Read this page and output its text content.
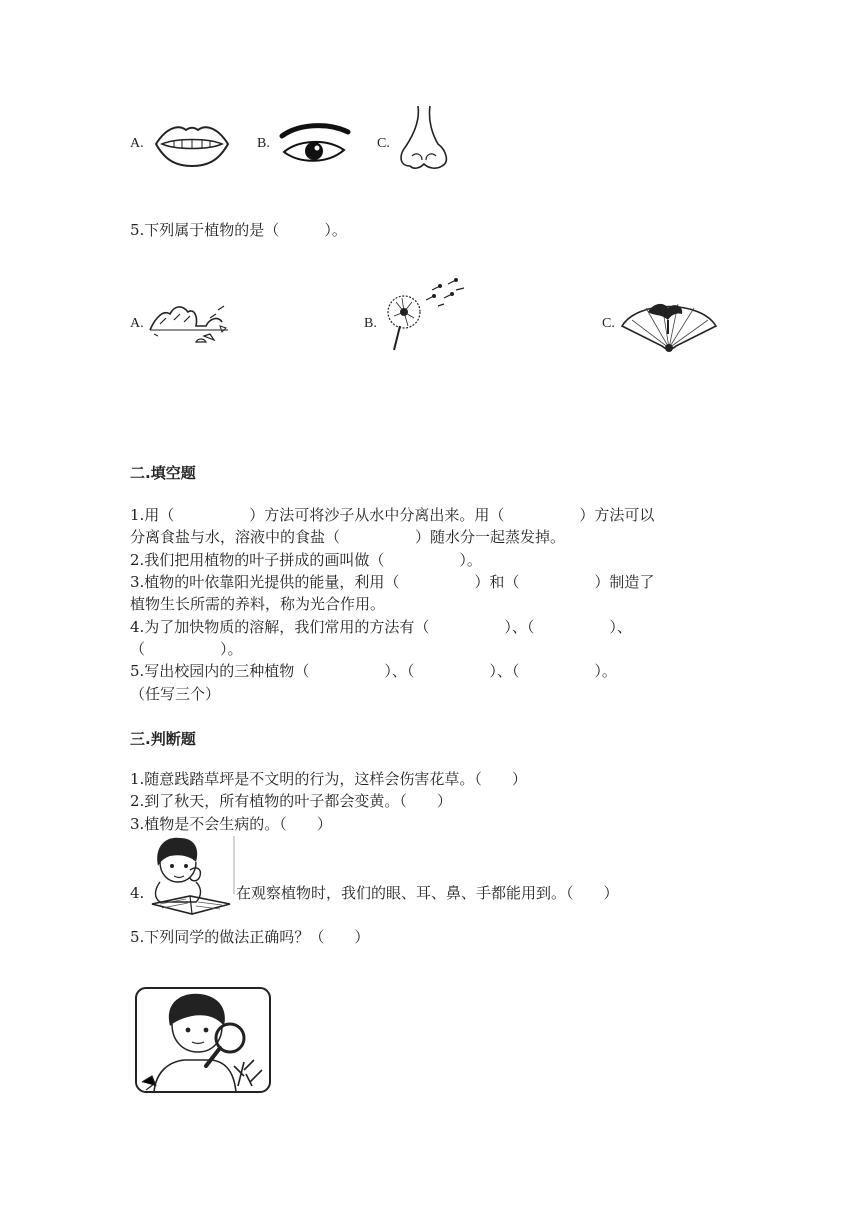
A.	B.	C.
5.下列属于植物的是（　　　）。
A.	B.	C.
二.填空题
1.用（　　　　　）方法可将沙子从水中分离出来。用（　　　　　）方法可以
分离食盐与水，溶液中的食盐（　　　　　）随水分一起蒸发掉。
2.我们把用植物的叶子拼成的画叫做（　　　　　）。
3.植物的叶依靠阳光提供的能量，利用（　　　　　）和（　　　　　）制造了
植物生长所需的养料，称为光合作用。
4.为了加快物质的溶解，我们常用的方法有（　　　　　）、（　　　　　）、
（　　　　　）。
5.写出校园内的三种植物（　　　　　）、（　　　　　）、（　　　　　）。
（任写三个）
三.判断题
1.随意践踏草坪是不文明的行为，这样会伤害花草。（　　）
2.到了秋天，所有植物的叶子都会变黄。（　　）
3.植物是不会生病的。（　　）
4.	在观察植物时，我们的眼、耳、鼻、手都能用到。（　　）
5.下列同学的做法正确吗？（　　）
